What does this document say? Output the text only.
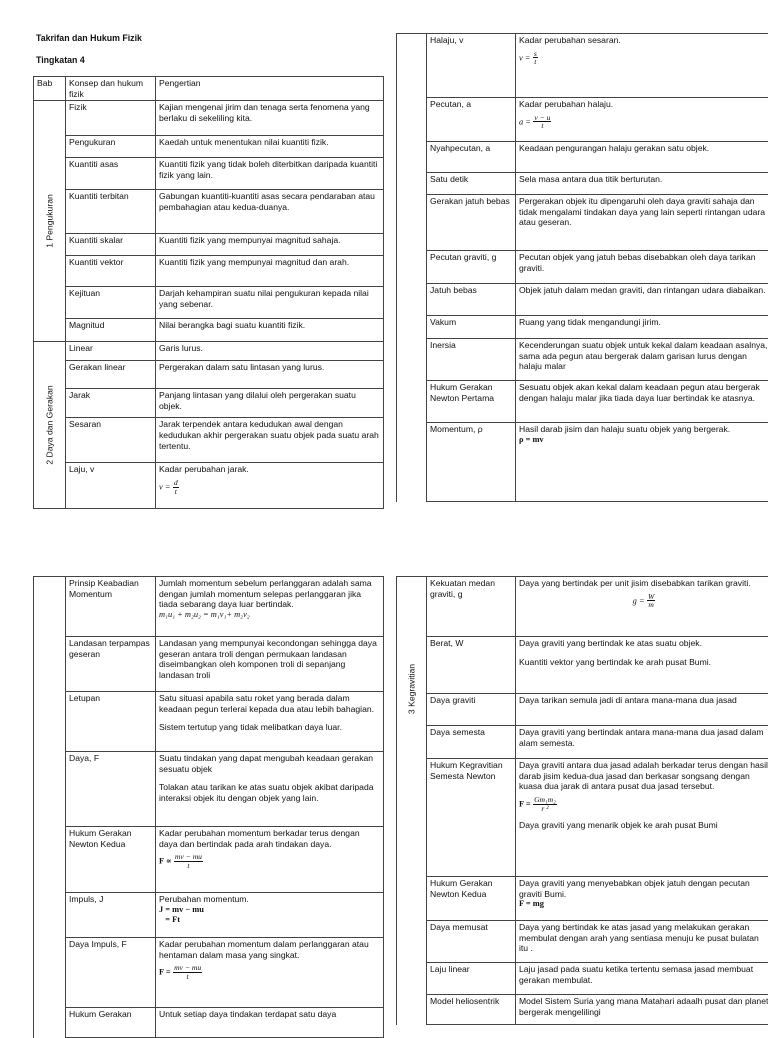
Takrifan dan Hukum Fizik
Tingkatan 4
Bab	Konsep dan hukum fizik	Pengertian

1 Pengukuran	Fizik	Kajian mengenai jirim dan tenaga serta fenomena yang berlaku di sekeliling kita.
	Pengukuran	Kaedah untuk menentukan nilai kuantiti fizik.
	Kuantiti asas	Kuantiti fizik yang tidak boleh diterbitkan daripada kuantiti fizik yang lain.
	Kuantiti terbitan	Gabungan kuantiti-kuantiti asas secara pendaraban atau pembahagian atau kedua-duanya.
	Kuantiti skalar	Kuantiti fizik yang mempunyai magnitud sahaja.
	Kuantiti vektor	Kuantiti fizik yang mempunyai magnitud dan arah.
	Kejituan	Darjah kehampiran suatu nilai pengukuran kepada nilai yang sebenar.
	Magnitud	Nilai berangka bagi suatu kuantiti fizik.

2 Daya dan Gerakan	Linear	Garis lurus.
	Gerakan linear	Pergerakan dalam satu lintasan yang lurus.
	Jarak	Panjang lintasan yang dilalui oleh pergerakan suatu objek.
	Sesaran	Jarak terpendek antara kedudukan awal dengan kedudukan akhir pergerakan suatu objek pada suatu arah tertentu.
	Laju, v	Kadar perubahan jarak.
$v = \frac{d}{t}$
	Halaju, v	Kadar perubahan sesaran.
$v = \frac{s}{t}$

	Pecutan, a	Kadar perubahan halaju.
$a = \frac{v - u}{t}$

	Nyahpecutan, a	Keadaan pengurangan halaju gerakan satu objek.
	Satu detik	Sela masa antara dua titik berturutan.
	Gerakan jatuh bebas	Pergerakan objek itu dipengaruhi oleh daya graviti sahaja dan tidak mengalami tindakan daya yang lain seperti rintangan udara atau geseran.
	Pecutan graviti, g	Pecutan objek yang jatuh bebas disebabkan oleh daya tarikan graviti.
	Jatuh bebas	Objek jatuh dalam medan graviti, dan rintangan udara diabaikan.
	Vakum	Ruang yang tidak mengandungi jirim.
	Inersia	Kecenderungan suatu objek untuk kekal dalam keadaan asalnya, sama ada pegun atau bergerak dalam garisan lurus dengan halaju malar
	Hukum Gerakan Newton Pertama	Sesuatu objek akan kekal dalam keadaan pegun atau bergerak dengan halaju malar jika tiada daya luar bertindak ke atasnya.
	Momentum, ρ	Hasil darab jisim dan halaju suatu objek yang bergerak.
ρ = mv
	Prinsip Keabadian Momentum	Jumlah momentum sebelum perlanggaran adalah sama dengan jumlah momentum selepas perlanggaran jika tiada sebarang daya luar bertindak.
m₁u₁ + m₂u₂ = m₁v₁+ m₂v₂

	Landasan terpampas geseran	Landasan yang mempunyai kecondongan sehingga daya geseran antara troli dengan permukaan landasan diseimbangkan oleh komponen troli di sepanjang landasan troli
	Letupan	Satu situasi apabila satu roket yang berada dalam keadaan pegun terlerai kepada dua atau lebih bahagian.
Sistem tertutup yang tidak melibatkan daya luar.

	Daya, F	Suatu tindakan yang dapat mengubah keadaan gerakan sesuatu objek
Tolakan atau tarikan ke atas suatu objek akibat daripada interaksi objek itu dengan objek yang lain.

	Hukum Gerakan Newton Kedua	Kadar perubahan momentum berkadar terus dengan daya dan bertindak pada arah tindakan daya.
$F \propto \frac{mv - mu}{t}$

	Impuls, J	Perubahan momentum.
J = mv − mu
= Ft

	Daya Impuls, F	Kadar perubahan momentum dalam perlanggaran atau hentaman dalam masa yang singkat.
$F = \frac{mv - mu}{t}$

	Hukum Gerakan	Untuk setiap daya tindakan terdapat satu daya
3 Kegravitian	Kekuatan medan graviti, g	Daya yang bertindak per unit jisim disebabkan tarikan graviti.
$g = \frac{W}{m}$

	Berat, W	Daya graviti yang bertindak ke atas suatu objek.
Kuantiti vektor yang bertindak ke arah pusat Bumi.

	Daya graviti	Daya tarikan semula jadi di antara mana-mana dua jasad
	Daya semesta	Daya graviti yang bertindak antara mana-mana dua jasad dalam alam semesta.
	Hukum Kegravitian Semesta Newton	Daya graviti antara dua jasad adalah berkadar terus dengan hasil darab jisim kedua-dua jasad dan berkasar songsang dengan kuasa dua jarak di antara pusat dua jasad tersebut.
$F = \frac{\text{Gm₁m₂}}{\text{r ²}}$
Daya graviti yang menarik objek ke arah pusat Bumi

	Hukum Gerakan Newton Kedua	Daya graviti yang menyebabkan objek jatuh dengan pecutan graviti Bumi.
F = mg

	Daya memusat	Daya yang bertindak ke atas jasad yang melakukan gerakan membulat dengan arah yang sentiasa menuju ke pusat bulatan itu .
	Laju linear	Laju jasad pada suatu ketika tertentu semasa jasad membuat gerakan membulat.
	Model heliosentrik	Model Sistem Suria yang mana Matahari adaalh pusat dan planet bergerak mengelilingi
